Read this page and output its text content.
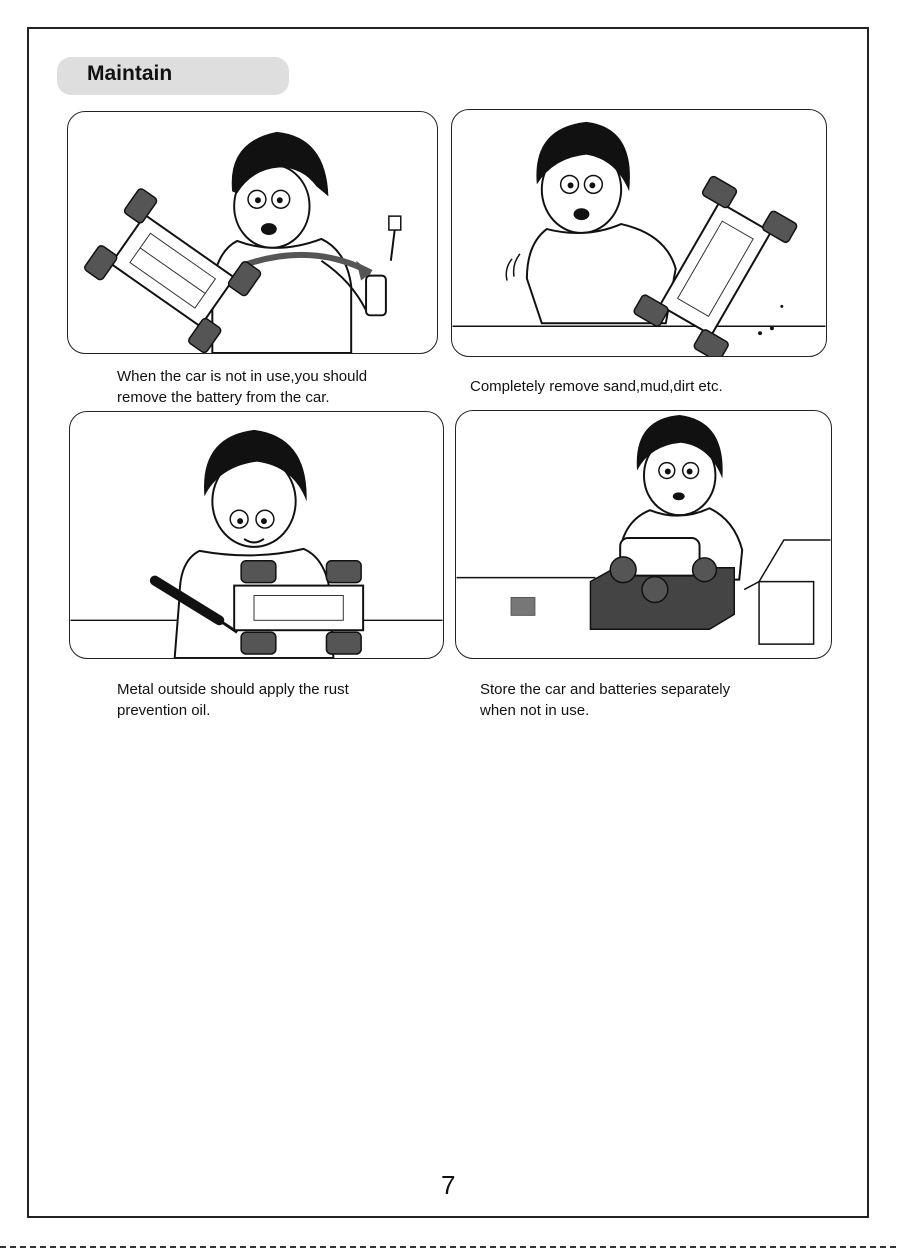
Maintain
When the car is not in use,you should
remove the battery from the car.
Completely remove sand,mud,dirt etc.
Metal outside should apply the rust
prevention oil.
Store the car and batteries separately
when not in use.
7
